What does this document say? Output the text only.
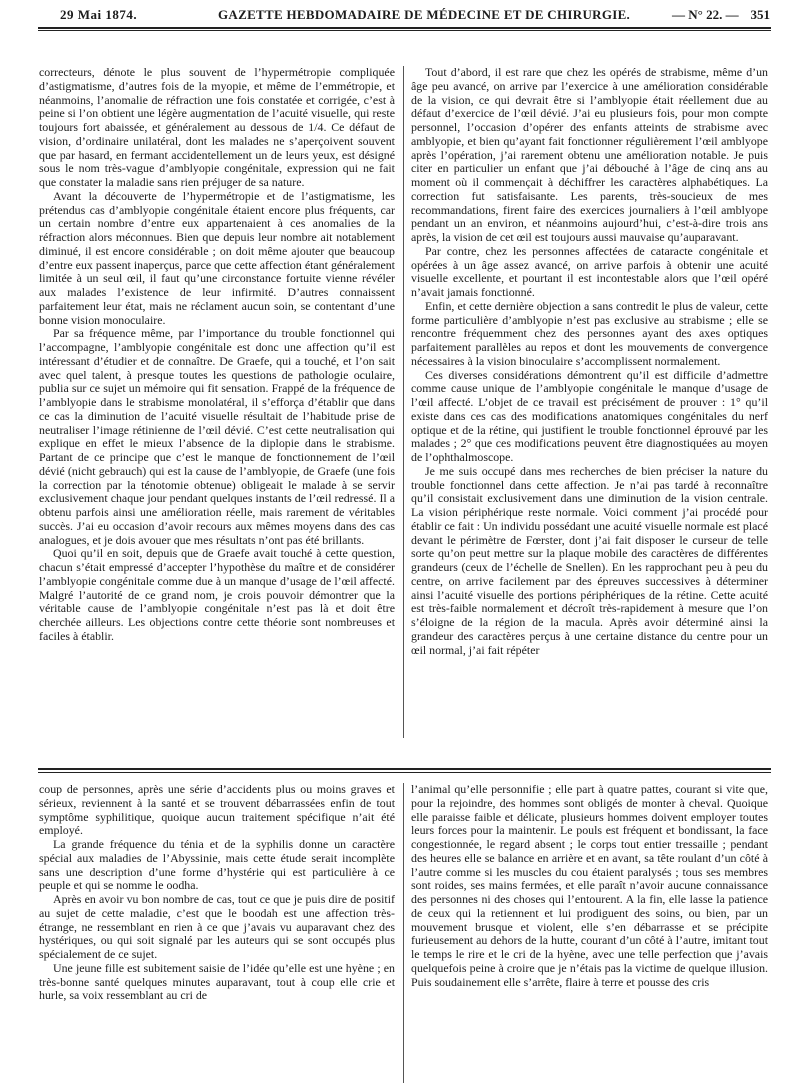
29 Mai 1874.	GAZETTE HEBDOMADAIRE DE MÉDECINE ET DE CHIRURGIE.	— N° 22. — 351

correcteurs, dénote le plus souvent de l’hypermétropie compliquée d’astigmatisme, d’autres fois de la myopie, et même de l’emmétropie, et néanmoins, l’anomalie de réfraction une fois constatée et corrigée, c’est à peine si l’on obtient une légère augmentation de l’acuité visuelle, qui reste toujours fort abaissée, et généralement au dessous de 1/4. Ce défaut de vision, d’ordinaire unilatéral, dont les malades ne s’aperçoivent souvent que par hasard, en fermant accidentellement un de leurs yeux, est désigné sous le nom très-vague d’amblyopie congénitale, expression qui ne fait que constater la maladie sans rien préjuger de sa nature.

Avant la découverte de l’hypermétropie et de l’astigmatisme, les prétendus cas d’amblyopie congénitale étaient encore plus fréquents, car un certain nombre d’entre eux appartenaient à ces anomalies de la réfraction alors méconnues. Bien que depuis leur nombre ait notablement diminué, il est encore considérable ; on doit même ajouter que beaucoup d’entre eux passent inaperçus, parce que cette affection étant généralement limitée à un seul œil, il faut qu’une circonstance fortuite vienne révéler aux malades l’existence de leur infirmité. D’autres connaissent parfaitement leur état, mais ne réclament aucun soin, se contentant d’une bonne vision monoculaire.

Par sa fréquence même, par l’importance du trouble fonctionnel qui l’accompagne, l’amblyopie congénitale est donc une affection qu’il est intéressant d’étudier et de connaître. De Graefe, qui a touché, et l’on sait avec quel talent, à presque toutes les questions de pathologie oculaire, publia sur ce sujet un mémoire qui fit sensation. Frappé de la fréquence de l’amblyopie dans le strabisme monolatéral, il s’efforça d’établir que dans ce cas la diminution de l’acuité visuelle résultait de l’habitude prise de neutraliser l’image rétinienne de l’œil dévié. C’est cette neutralisation qui explique en effet le mieux l’absence de la diplopie dans le strabisme. Partant de ce principe que c’est le manque de fonctionnement de l’œil dévié (nicht gebrauch) qui est la cause de l’amblyopie, de Graefe (une fois la correction par la ténotomie obtenue) obligeait le malade à se servir exclusivement chaque jour pendant quelques instants de l’œil redressé. Il a obtenu parfois ainsi une amélioration réelle, mais rarement de véritables succès. J’ai eu occasion d’avoir recours aux mêmes moyens dans des cas analogues, et je dois avouer que mes résultats n’ont pas été brillants.

Quoi qu’il en soit, depuis que de Graefe avait touché à cette question, chacun s’était empressé d’accepter l’hypothèse du maître et de considérer l’amblyopie congénitale comme due à un manque d’usage de l’œil affecté. Malgré l’autorité de ce grand nom, je crois pouvoir démontrer que la véritable cause de l’amblyopie congénitale n’est pas là et doit être cherchée ailleurs. Les objections contre cette théorie sont nombreuses et faciles à établir.

Tout d’abord, il est rare que chez les opérés de strabisme, même d’un âge peu avancé, on arrive par l’exercice à une amélioration considérable de la vision, ce qui devrait être si l’amblyopie était réellement due au défaut d’exercice de l’œil dévié. J’ai eu plusieurs fois, pour mon compte personnel, l’occasion d’opérer des enfants atteints de strabisme avec amblyopie, et bien qu’ayant fait fonctionner régulièrement l’œil amblyope après l’opération, j’ai rarement obtenu une amélioration notable. Je puis citer en particulier un enfant que j’ai débouché à l’âge de cinq ans au moment où il commençait à déchiffrer les caractères alphabétiques. La correction fut satisfaisante. Les parents, très-soucieux de mes recommandations, firent faire des exercices journaliers à l’œil amblyope pendant un an environ, et néanmoins aujourd’hui, c’est-à-dire trois ans après, la vision de cet œil est toujours aussi mauvaise qu’auparavant.

Par contre, chez les personnes affectées de cataracte congénitale et opérées à un âge assez avancé, on arrive parfois à obtenir une acuité visuelle excellente, et pourtant il est incontestable alors que l’œil opéré n’avait jamais fonctionné.

Enfin, et cette dernière objection a sans contredit le plus de valeur, cette forme particulière d’amblyopie n’est pas exclusive au strabisme ; elle se rencontre fréquemment chez des personnes ayant des axes optiques parfaitement parallèles au repos et dont les mouvements de convergence nécessaires à la vision binoculaire s’accomplissent normalement.

Ces diverses considérations démontrent qu’il est difficile d’admettre comme cause unique de l’amblyopie congénitale le manque d’usage de l’œil affecté. L’objet de ce travail est précisément de prouver : 1° qu’il existe dans ces cas des modifications anatomiques congénitales du nerf optique et de la rétine, qui justifient le trouble fonctionnel éprouvé par les malades ; 2° que ces modifications peuvent être diagnostiquées au moyen de l’ophthalmoscope.

Je me suis occupé dans mes recherches de bien préciser la nature du trouble fonctionnel dans cette affection. Je n’ai pas tardé à reconnaître qu’il consistait exclusivement dans une diminution de la vision centrale. La vision périphérique reste normale. Voici comment j’ai procédé pour établir ce fait : Un individu possédant une acuité visuelle normale est placé devant le périmètre de Fœrster, dont j’ai fait disposer le curseur de telle sorte qu’on peut mettre sur la plaque mobile des caractères de différentes grandeurs (ceux de l’échelle de Snellen). En les rapprochant peu à peu du centre, on arrive facilement par des épreuves successives à déterminer ainsi l’acuité visuelle des portions périphériques de la rétine. Cette acuité est très-faible normalement et décroît très-rapidement à mesure que l’on s’éloigne de la région de la macula. Après avoir déterminé ainsi la grandeur des caractères perçus à une certaine distance du centre pour un œil normal, j’ai fait répéter

coup de personnes, après une série d’accidents plus ou moins graves et sérieux, reviennent à la santé et se trouvent débarrassées enfin de tout symptôme syphilitique, quoique aucun traitement spécifique n’ait été employé.

La grande fréquence du ténia et de la syphilis donne un caractère spécial aux maladies de l’Abyssinie, mais cette étude serait incomplète sans une description d’une forme d’hystérie qui est particulière à ce peuple et qui se nomme le oodha.

Après en avoir vu bon nombre de cas, tout ce que je puis dire de positif au sujet de cette maladie, c’est que le boodah est une affection très-étrange, ne ressemblant en rien à ce que j’avais vu auparavant chez des hystériques, ou qui soit signalé par les auteurs qui se sont occupés plus spécialement de ce sujet.

Une jeune fille est subitement saisie de l’idée qu’elle est une hyène ; en très-bonne santé quelques minutes auparavant, tout à coup elle crie et hurle, sa voix ressemblant au cri de

l’animal qu’elle personnifie ; elle part à quatre pattes, courant si vite que, pour la rejoindre, des hommes sont obligés de monter à cheval. Quoique elle paraisse faible et délicate, plusieurs hommes doivent employer toutes leurs forces pour la maintenir. Le pouls est fréquent et bondissant, la face congestionnée, le regard absent ; le corps tout entier tressaille ; pendant des heures elle se balance en arrière et en avant, sa tête roulant d’un côté à l’autre comme si les muscles du cou étaient paralysés ; tous ses membres sont roides, ses mains fermées, et elle paraît n’avoir aucune connaissance des personnes ni des choses qui l’entourent. A la fin, elle lasse la patience de ceux qui la retiennent et lui prodiguent des soins, ou bien, par un mouvement brusque et violent, elle s’en débarrasse et se précipite furieusement au dehors de la hutte, courant d’un côté à l’autre, imitant tout le temps le rire et le cri de la hyène, avec une telle perfection que j’avais quelquefois peine à croire que je n’étais pas la victime de quelque illusion. Puis soudainement elle s’arrête, flaire à terre et pousse des cris
